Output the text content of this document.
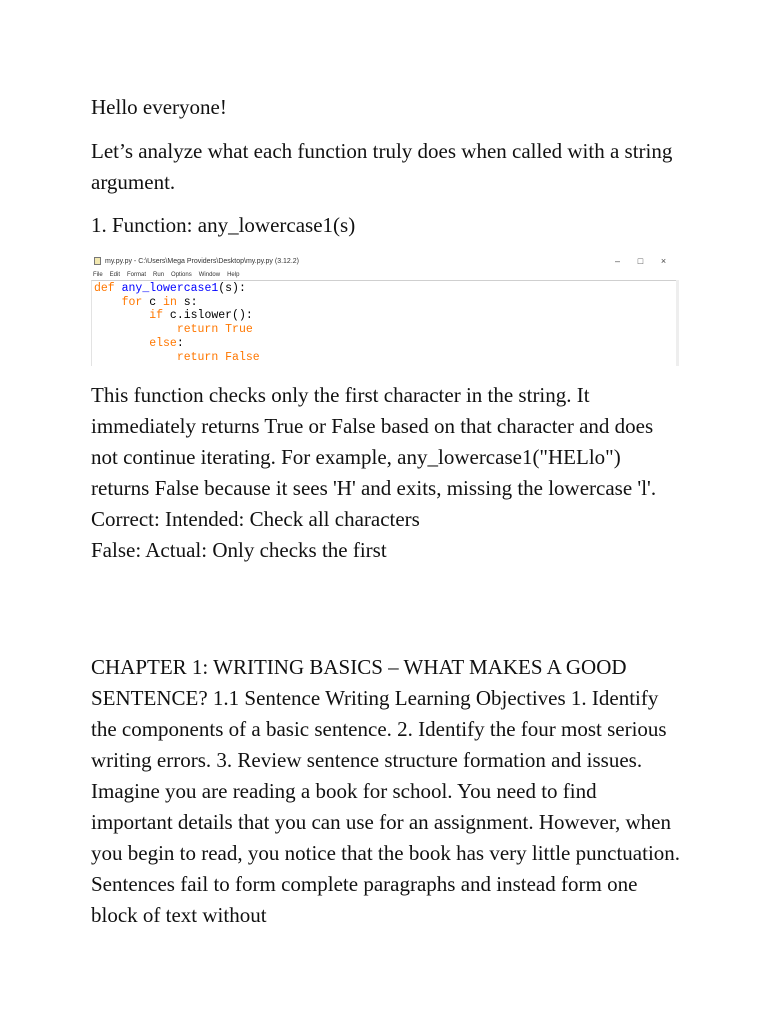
Hello everyone!

Let’s analyze what each function truly does when called with a string argument.

1. Function: any_lowercase1(s)

my.py.py - C:\Users\Mega Providers\Desktop\my.py.py (3.12.2)	–	□	×
File Edit Format Run Options Window Help
def any_lowercase1(s):
for c in s:
if c.islower():
return True
else:
return False

This function checks only the first character in the string. It immediately returns True or False based on that character and does not continue iterating. For example, any_lowercase1("HELlo") returns False because it sees 'H' and exits, missing the lowercase 'l'.

Correct: Intended: Check all characters

False: Actual: Only checks the first

CHAPTER 1: WRITING BASICS – WHAT MAKES A GOOD SENTENCE? 1.1 Sentence Writing Learning Objectives 1. Identify the components of a basic sentence. 2. Identify the four most serious writing errors. 3. Review sentence structure formation and issues. Imagine you are reading a book for school. You need to find important details that you can use for an assignment. However, when you begin to read, you notice that the book has very little punctuation. Sentences fail to form complete paragraphs and instead form one block of text without
